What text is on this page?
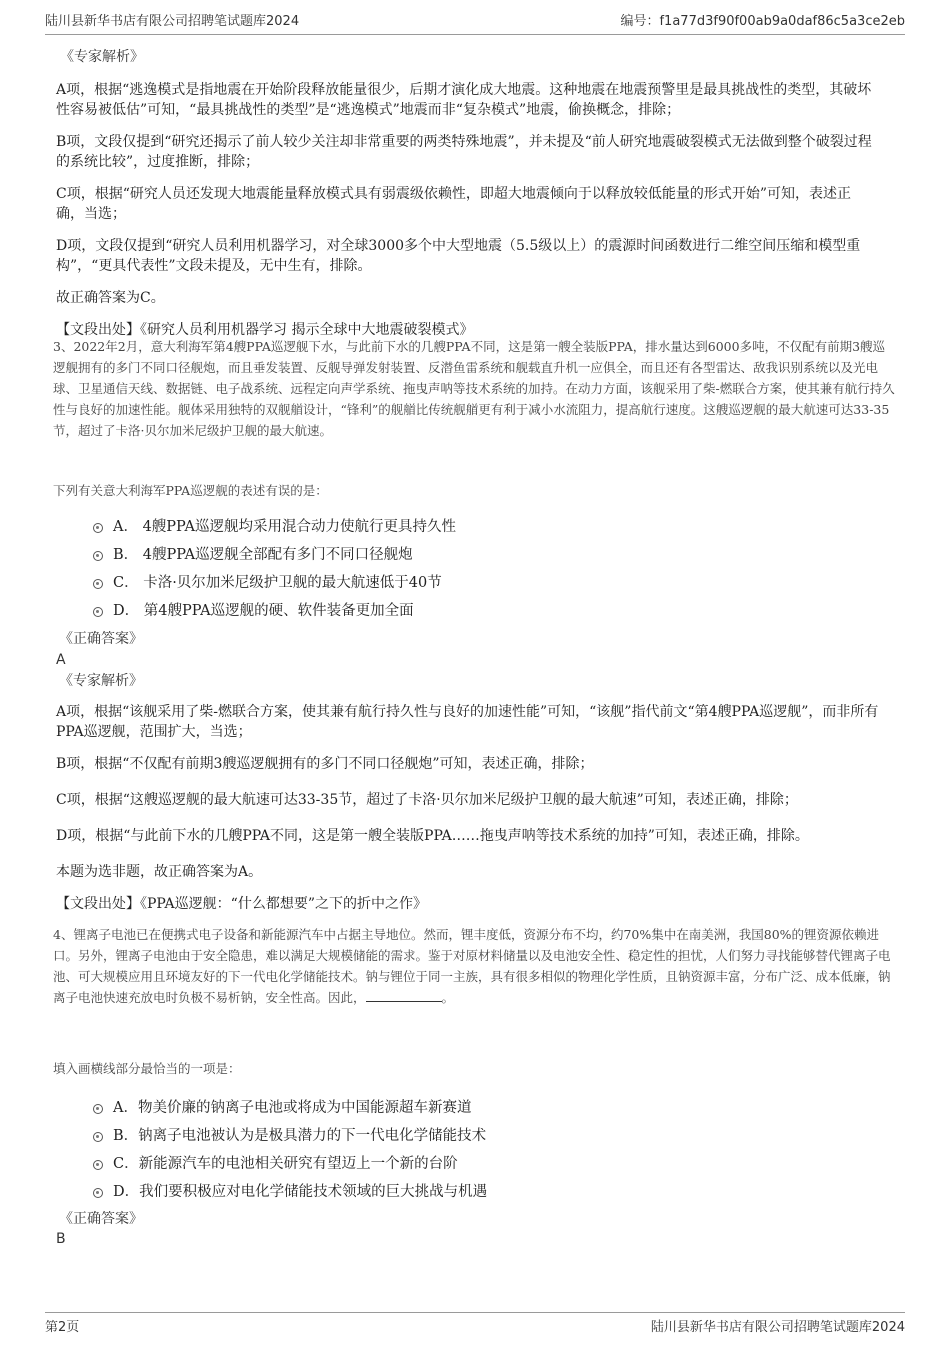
陆川县新华书店有限公司招聘笔试题库2024	编号：f1a77d3f90f00ab9a0daf86c5a3ce2eb
《专家解析》

A项，根据“逃逸模式是指地震在开始阶段释放能量很少，后期才演化成大地震。这种地震在地震预警里是最具挑战性的类型，其破坏性容易被低估”可知，“最具挑战性的类型”是“逃逸模式”地震而非“复杂模式”地震，偷换概念，排除；

B项，文段仅提到“研究还揭示了前人较少关注却非常重要的两类特殊地震”，并未提及“前人研究地震破裂模式无法做到整个破裂过程的系统比较”，过度推断，排除；

C项，根据“研究人员还发现大地震能量释放模式具有弱震级依赖性，即超大地震倾向于以释放较低能量的形式开始”可知，表述正确，当选；

D项，文段仅提到“研究人员利用机器学习，对全球3000多个中大型地震（5.5级以上）的震源时间函数进行二维空间压缩和模型重构”，“更具代表性”文段未提及，无中生有，排除。

故正确答案为C。

【文段出处】《研究人员利用机器学习 揭示全球中大地震破裂模式》

3、2022年2月，意大利海军第4艘PPA巡逻舰下水，与此前下水的几艘PPA不同，这是第一艘全装版PPA，排水量达到6000多吨，不仅配有前期3艘巡逻舰拥有的多门不同口径舰炮，而且垂发装置、反舰导弹发射装置、反潜鱼雷系统和舰载直升机一应俱全，而且还有各型雷达、敌我识别系统以及光电球、卫星通信天线、数据链、电子战系统、远程定向声学系统、拖曳声呐等技术系统的加持。在动力方面，该舰采用了柴-燃联合方案，使其兼有航行持久性与良好的加速性能。舰体采用独特的双舰艏设计，“锋利”的舰艏比传统舰艏更有利于减小水流阻力，提高航行速度。这艘巡逻舰的最大航速可达33-35节，超过了卡洛·贝尔加米尼级护卫舰的最大航速。

下列有关意大利海军PPA巡逻舰的表述有误的是：

A． 4艘PPA巡逻舰均采用混合动力使航行更具持久性
B． 4艘PPA巡逻舰全部配有多门不同口径舰炮
C． 卡洛·贝尔加米尼级护卫舰的最大航速低于40节
D． 第4艘PPA巡逻舰的硬、软件装备更加全面
《正确答案》
A
《专家解析》

A项，根据“该舰采用了柴-燃联合方案，使其兼有航行持久性与良好的加速性能”可知，“该舰”指代前文“第4艘PPA巡逻舰”，而非所有PPA巡逻舰，范围扩大，当选；

B项，根据“不仅配有前期3艘巡逻舰拥有的多门不同口径舰炮”可知，表述正确，排除；

C项，根据“这艘巡逻舰的最大航速可达33-35节，超过了卡洛·贝尔加米尼级护卫舰的最大航速”可知，表述正确，排除；

D项，根据“与此前下水的几艘PPA不同，这是第一艘全装版PPA……拖曳声呐等技术系统的加持”可知，表述正确，排除。

本题为选非题，故正确答案为A。

【文段出处】《PPA巡逻舰：“什么都想要”之下的折中之作》

4、锂离子电池已在便携式电子设备和新能源汽车中占据主导地位。然而，锂丰度低，资源分布不均，约70%集中在南美洲，我国80%的锂资源依赖进口。另外，锂离子电池由于安全隐患，难以满足大规模储能的需求。鉴于对原材料储量以及电池安全性、稳定性的担忧，人们努力寻找能够替代锂离子电池、可大规模应用且环境友好的下一代电化学储能技术。钠与锂位于同一主族，具有很多相似的物理化学性质，且钠资源丰富，分布广泛、成本低廉，钠离子电池快速充放电时负极不易析钠，安全性高。因此，	。

填入画横线部分最恰当的一项是：

A．物美价廉的钠离子电池或将成为中国能源超车新赛道
B．钠离子电池被认为是极具潜力的下一代电化学储能技术
C．新能源汽车的电池相关研究有望迈上一个新的台阶
D．我们要积极应对电化学储能技术领域的巨大挑战与机遇
《正确答案》
B
第2页	陆川县新华书店有限公司招聘笔试题库2024
